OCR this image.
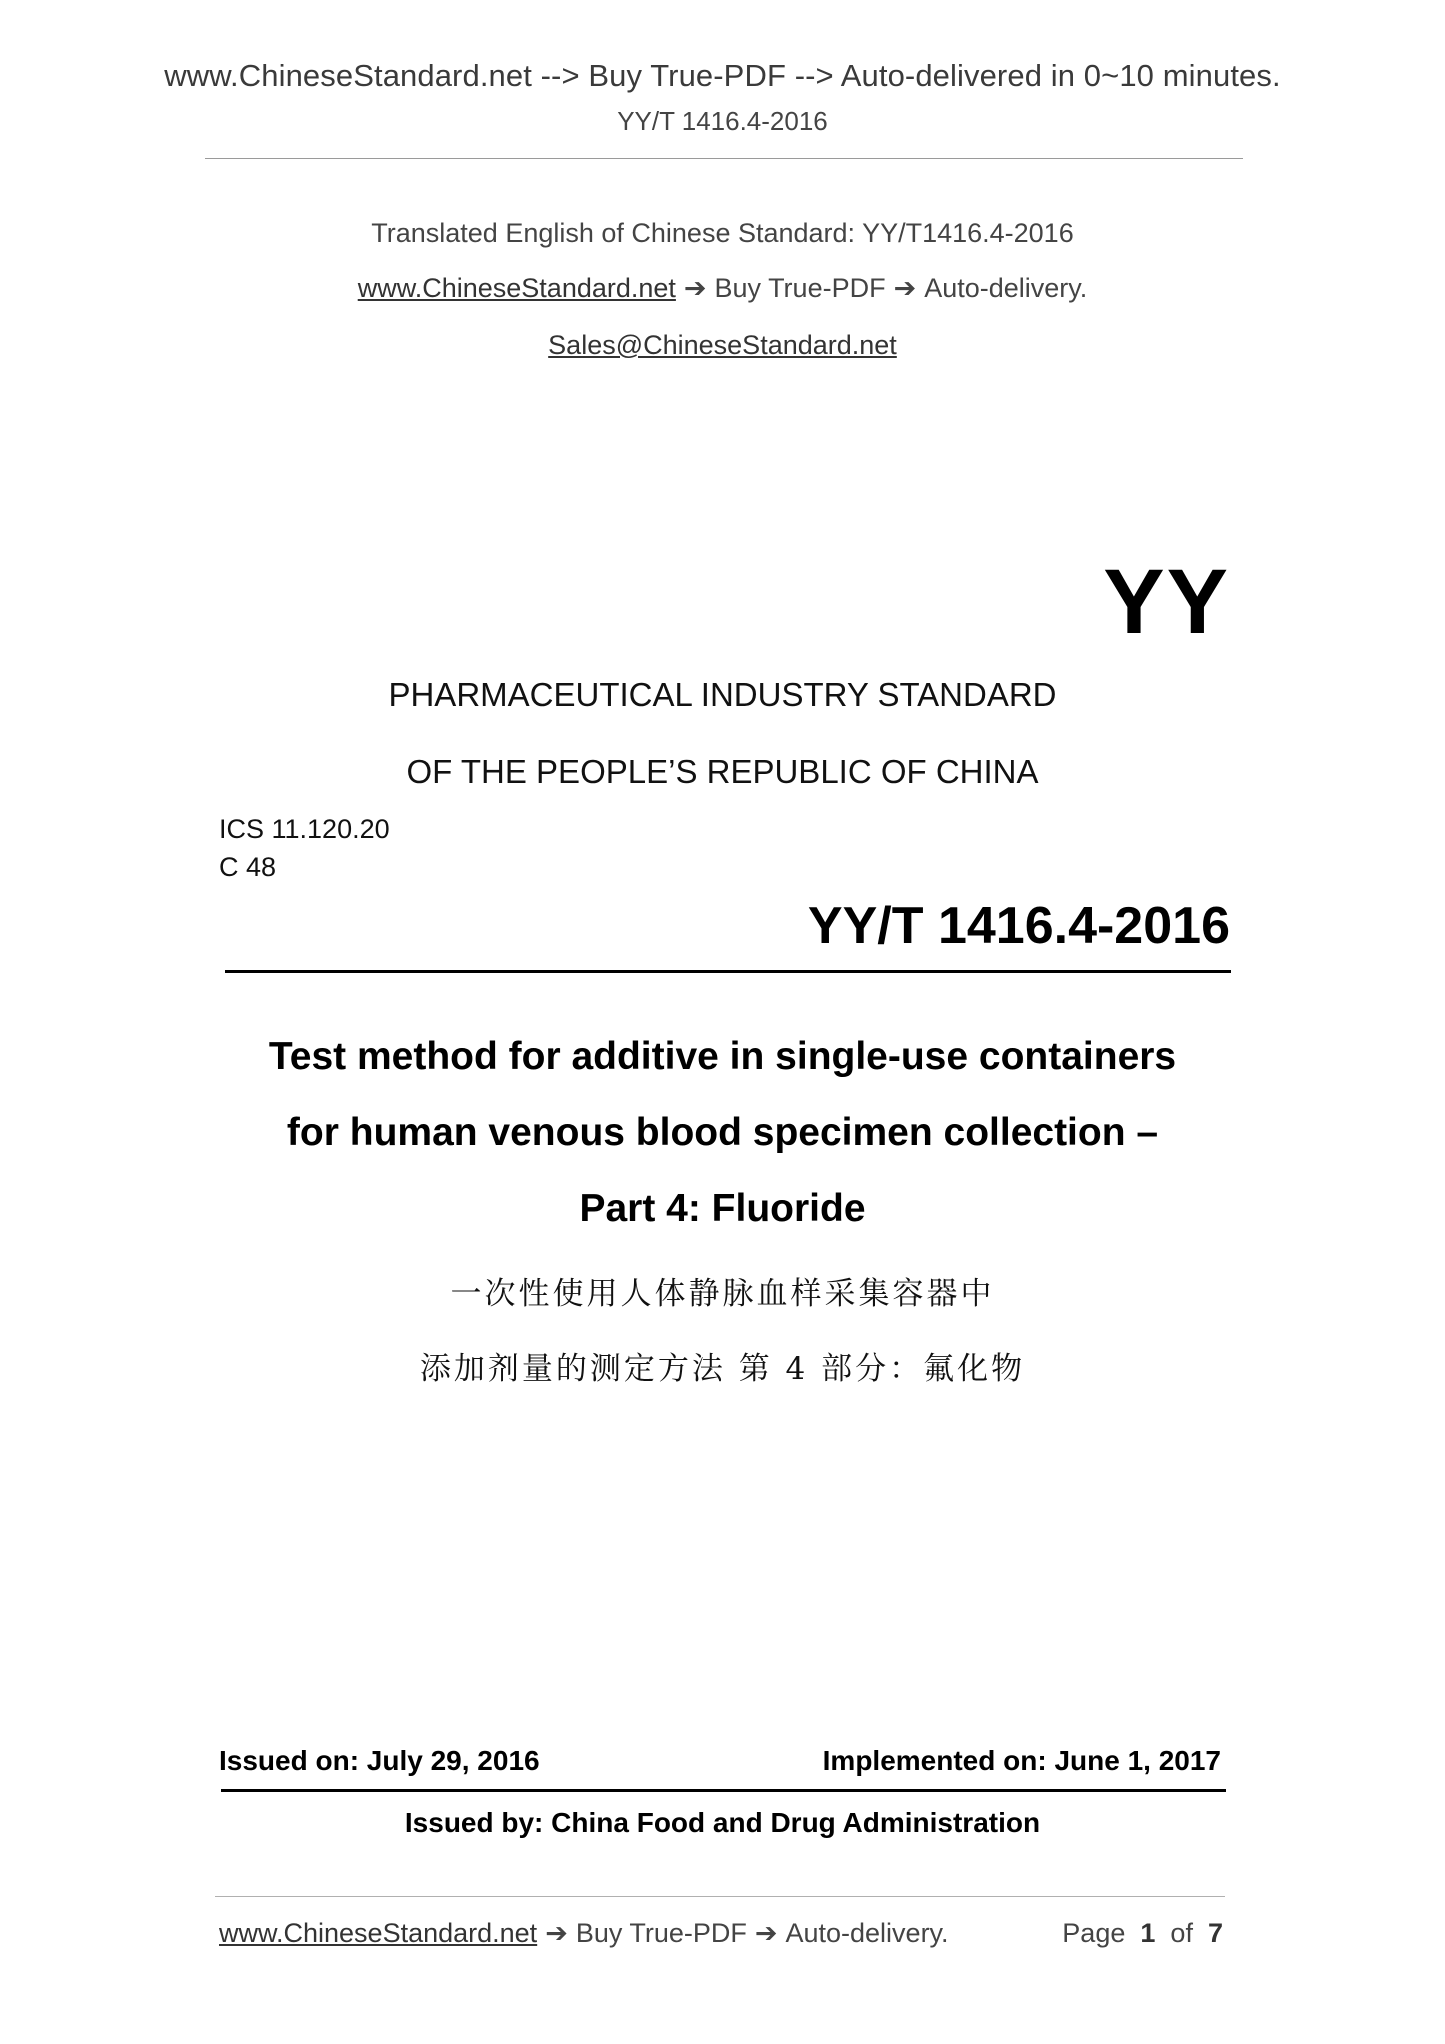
www.ChineseStandard.net --> Buy True-PDF --> Auto-delivered in 0~10 minutes.
YY/T 1416.4-2016
Translated English of Chinese Standard: YY/T1416.4-2016
www.ChineseStandard.net ➔ Buy True-PDF ➔ Auto-delivery.
Sales@ChineseStandard.net
YY
PHARMACEUTICAL INDUSTRY STANDARD
OF THE PEOPLE’S REPUBLIC OF CHINA
ICS 11.120.20
C 48
YY/T 1416.4-2016
Test method for additive in single-use containers
for human venous blood specimen collection –
Part 4: Fluoride
一次性使用人体静脉血样采集容器中
添加剂量的测定方法 第 4 部分：氟化物
Issued on: July 29, 2016	Implemented on: June 1, 2017
Issued by: China Food and Drug Administration
www.ChineseStandard.net ➔ Buy True-PDF ➔ Auto-delivery.	Page 1 of 7
